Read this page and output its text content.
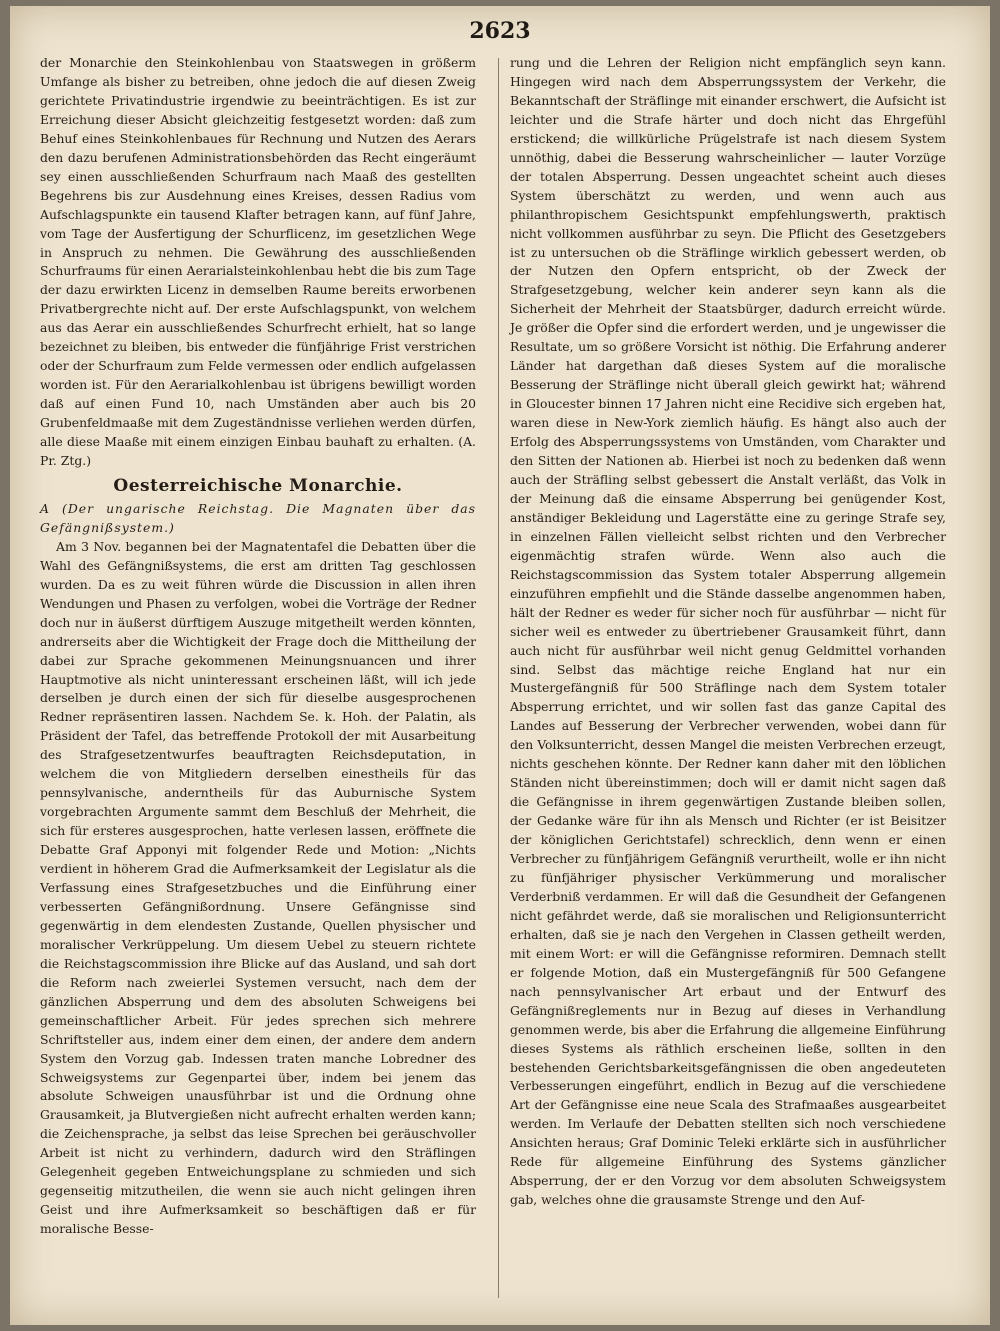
2623

der Monarchie den Steinkohlenbau von Staatswegen in größerm Umfange als bisher zu betreiben, ohne jedoch die auf diesen Zweig gerichtete Privatindustrie irgendwie zu beeinträchtigen. Es ist zur Erreichung dieser Absicht gleichzeitig festgesetzt worden: daß zum Behuf eines Steinkohlenbaues für Rechnung und Nutzen des Aerars den dazu berufenen Administrationsbehörden das Recht eingeräumt sey einen ausschließenden Schurfraum nach Maaß des gestellten Begehrens bis zur Ausdehnung eines Kreises, dessen Radius vom Aufschlagspunkte ein tausend Klafter betragen kann, auf fünf Jahre, vom Tage der Ausfertigung der Schurflicenz, im gesetzlichen Wege in Anspruch zu nehmen. Die Gewährung des ausschließenden Schurfraums für einen Aerarialsteinkohlenbau hebt die bis zum Tage der dazu erwirkten Licenz in demselben Raume bereits erworbenen Privatbergrechte nicht auf. Der erste Aufschlagspunkt, von welchem aus das Aerar ein ausschließendes Schurfrecht erhielt, hat so lange bezeichnet zu bleiben, bis entweder die fünfjährige Frist verstrichen oder der Schurfraum zum Felde vermessen oder endlich aufgelassen worden ist. Für den Aerarialkohlenbau ist übrigens bewilligt worden daß auf einen Fund 10, nach Umständen aber auch bis 20 Grubenfeldmaaße mit dem Zugeständnisse verliehen werden dürfen, alle diese Maaße mit einem einzigen Einbau bauhaft zu erhalten. (A. Pr. Ztg.)

Oesterreichische Monarchie.

A (Der ungarische Reichstag. Die Magnaten über das Gefängnißsystem.)

Am 3 Nov. begannen bei der Magnatentafel die Debatten über die Wahl des Gefängnißsystems, die erst am dritten Tag geschlossen wurden. Da es zu weit führen würde die Discussion in allen ihren Wendungen und Phasen zu verfolgen, wobei die Vorträge der Redner doch nur in äußerst dürftigem Auszuge mitgetheilt werden könnten, andrerseits aber die Wichtigkeit der Frage doch die Mittheilung der dabei zur Sprache gekommenen Meinungsnuancen und ihrer Hauptmotive als nicht uninteressant erscheinen läßt, will ich jede derselben je durch einen der sich für dieselbe ausgesprochenen Redner repräsentiren lassen. Nachdem Se. k. Hoh. der Palatin, als Präsident der Tafel, das betreffende Protokoll der mit Ausarbeitung des Strafgesetzentwurfes beauftragten Reichsdeputation, in welchem die von Mitgliedern derselben einestheils für das pennsylvanische, anderntheils für das Auburnische System vorgebrachten Argumente sammt dem Beschluß der Mehrheit, die sich für ersteres ausgesprochen, hatte verlesen lassen, eröffnete die Debatte Graf Apponyi mit folgender Rede und Motion: „Nichts verdient in höherem Grad die Aufmerksamkeit der Legislatur als die Verfassung eines Strafgesetzbuches und die Einführung einer verbesserten Gefängnißordnung. Unsere Gefängnisse sind gegenwärtig in dem elendesten Zustande, Quellen physischer und moralischer Verkrüppelung. Um diesem Uebel zu steuern richtete die Reichstagscommission ihre Blicke auf das Ausland, und sah dort die Reform nach zweierlei Systemen versucht, nach dem der gänzlichen Absperrung und dem des absoluten Schweigens bei gemeinschaftlicher Arbeit. Für jedes sprechen sich mehrere Schriftsteller aus, indem einer dem einen, der andere dem andern System den Vorzug gab. Indessen traten manche Lobredner des Schweigsystems zur Gegenpartei über, indem bei jenem das absolute Schweigen unausführbar ist und die Ordnung ohne Grausamkeit, ja Blutvergießen nicht aufrecht erhalten werden kann; die Zeichensprache, ja selbst das leise Sprechen bei geräuschvoller Arbeit ist nicht zu verhindern, dadurch wird den Sträflingen Gelegenheit gegeben Entweichungsplane zu schmieden und sich gegenseitig mitzutheilen, die wenn sie auch nicht gelingen ihren Geist und ihre Aufmerksamkeit so beschäftigen daß er für moralische Besse-

rung und die Lehren der Religion nicht empfänglich seyn kann. Hingegen wird nach dem Absperrungssystem der Verkehr, die Bekanntschaft der Sträflinge mit einander erschwert, die Aufsicht ist leichter und die Strafe härter und doch nicht das Ehrgefühl erstickend; die willkürliche Prügelstrafe ist nach diesem System unnöthig, dabei die Besserung wahrscheinlicher — lauter Vorzüge der totalen Absperrung. Dessen ungeachtet scheint auch dieses System überschätzt zu werden, und wenn auch aus philanthropischem Gesichtspunkt empfehlungswerth, praktisch nicht vollkommen ausführbar zu seyn. Die Pflicht des Gesetzgebers ist zu untersuchen ob die Sträflinge wirklich gebessert werden, ob der Nutzen den Opfern entspricht, ob der Zweck der Strafgesetzgebung, welcher kein anderer seyn kann als die Sicherheit der Mehrheit der Staatsbürger, dadurch erreicht würde. Je größer die Opfer sind die erfordert werden, und je ungewisser die Resultate, um so größere Vorsicht ist nöthig. Die Erfahrung anderer Länder hat dargethan daß dieses System auf die moralische Besserung der Sträflinge nicht überall gleich gewirkt hat; während in Gloucester binnen 17 Jahren nicht eine Recidive sich ergeben hat, waren diese in New-York ziemlich häufig. Es hängt also auch der Erfolg des Absperrungssystems von Umständen, vom Charakter und den Sitten der Nationen ab. Hierbei ist noch zu bedenken daß wenn auch der Sträfling selbst gebessert die Anstalt verläßt, das Volk in der Meinung daß die einsame Absperrung bei genügender Kost, anständiger Bekleidung und Lagerstätte eine zu geringe Strafe sey, in einzelnen Fällen vielleicht selbst richten und den Verbrecher eigenmächtig strafen würde. Wenn also auch die Reichstagscommission das System totaler Absperrung allgemein einzuführen empfiehlt und die Stände dasselbe angenommen haben, hält der Redner es weder für sicher noch für ausführbar — nicht für sicher weil es entweder zu übertriebener Grausamkeit führt, dann auch nicht für ausführbar weil nicht genug Geldmittel vorhanden sind. Selbst das mächtige reiche England hat nur ein Mustergefängniß für 500 Sträflinge nach dem System totaler Absperrung errichtet, und wir sollen fast das ganze Capital des Landes auf Besserung der Verbrecher verwenden, wobei dann für den Volksunterricht, dessen Mangel die meisten Verbrechen erzeugt, nichts geschehen könnte. Der Redner kann daher mit den löblichen Ständen nicht übereinstimmen; doch will er damit nicht sagen daß die Gefängnisse in ihrem gegenwärtigen Zustande bleiben sollen, der Gedanke wäre für ihn als Mensch und Richter (er ist Beisitzer der königlichen Gerichtstafel) schrecklich, denn wenn er einen Verbrecher zu fünfjährigem Gefängniß verurtheilt, wolle er ihn nicht zu fünfjähriger physischer Verkümmerung und moralischer Verderbniß verdammen. Er will daß die Gesundheit der Gefangenen nicht gefährdet werde, daß sie moralischen und Religionsunterricht erhalten, daß sie je nach den Vergehen in Classen getheilt werden, mit einem Wort: er will die Gefängnisse reformiren. Demnach stellt er folgende Motion, daß ein Mustergefängniß für 500 Gefangene nach pennsylvanischer Art erbaut und der Entwurf des Gefängnißreglements nur in Bezug auf dieses in Verhandlung genommen werde, bis aber die Erfahrung die allgemeine Einführung dieses Systems als räthlich erscheinen ließe, sollten in den bestehenden Gerichtsbarkeitsgefängnissen die oben angedeuteten Verbesserungen eingeführt, endlich in Bezug auf die verschiedene Art der Gefängnisse eine neue Scala des Strafmaaßes ausgearbeitet werden. Im Verlaufe der Debatten stellten sich noch verschiedene Ansichten heraus; Graf Dominic Teleki erklärte sich in ausführlicher Rede für allgemeine Einführung des Systems gänzlicher Absperrung, der er den Vorzug vor dem absoluten Schweigsystem gab, welches ohne die grausamste Strenge und den Auf-
